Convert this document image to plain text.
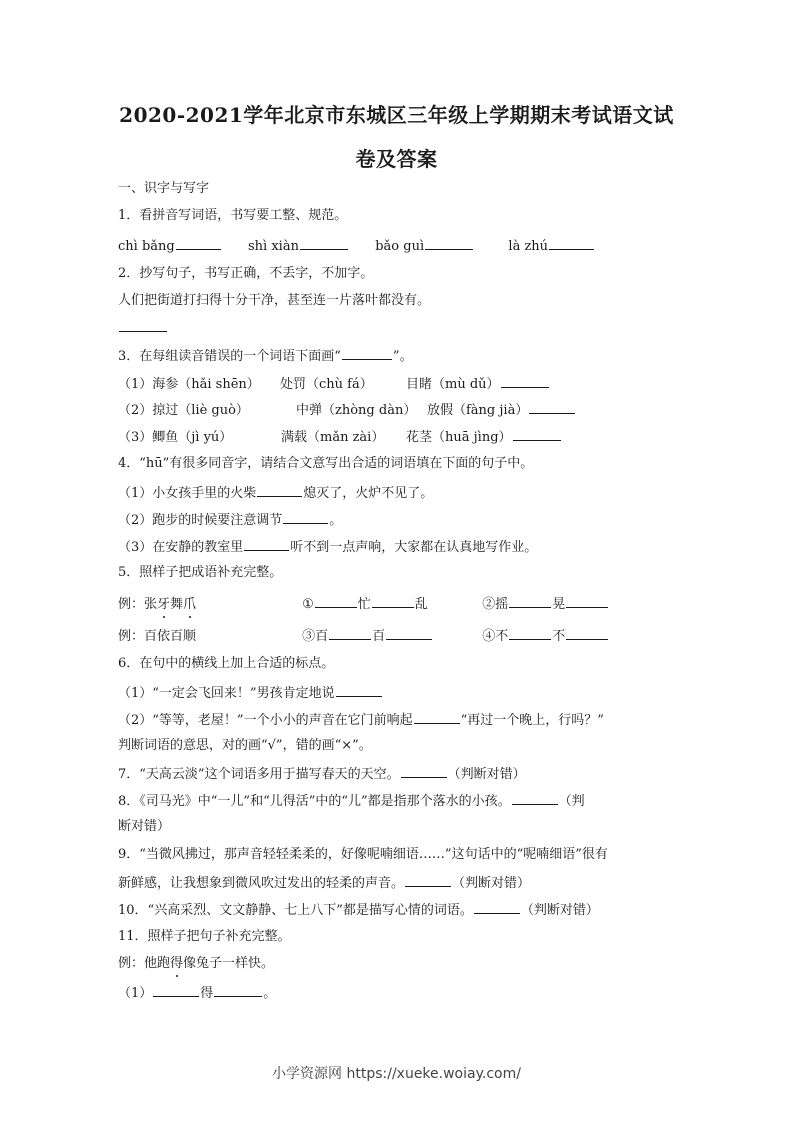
2020-2021学年北京市东城区三年级上学期期末考试语文试
卷及答案
一、识字与写字
1．看拼音写词语，书写要工整、规范。
chì bǎng	shì xiàn	bǎo guì	là zhú
2．抄写句子，书写正确，不丢字，不加字。
人们把街道打扫得十分干净，甚至连一片落叶都没有。
3．在每组读音错误的一个词语下面画“	”。
（1）海参（hǎi shēn） 处罚（chù fá）	目睹（mù dǔ）
（2）掠过（liè guò）	中弹（zhòng dàn） 放假（fàng jià）
（3）鲫鱼（jì yú）	满载（mǎn zài） 花茎（huā jìng）
4．“hū”有很多同音字，请结合文意写出合适的词语填在下面的句子中。
（1）小女孩手里的火柴	熄灭了，火炉不见了。
（2）跑步的时候要注意调节	。
（3）在安静的教室里	听不到一点声响，大家都在认真地写作业。
5．照样子把成语补充完整。
例：张牙舞爪	①	忙	乱	②摇	晃
例：百依百顺	③百	百	④不	不
6．在句中的横线上加上合适的标点。
（1）“一定会飞回来！”男孩肯定地说
（2）“等等，老屋！”一个小小的声音在它门前响起	“再过一个晚上，行吗？”
判断词语的意思，对的画“√”，错的画“×”。
7．“天高云淡”这个词语多用于描写春天的天空。	（判断对错）
8．《司马光》中“一儿”和“儿得活”中的“儿”都是指那个落水的小孩。	（判
断对错）
9．“当微风拂过，那声音轻轻柔柔的，好像呢喃细语……”这句话中的“呢喃细语”很有
新鲜感，让我想象到微风吹过发出的轻柔的声音。	（判断对错）
10．“兴高采烈、文文静静、七上八下”都是描写心情的词语。	（判断对错）
11．照样子把句子补充完整。
例：他跑得像兔子一样快。
（1）	得	。
小学资源网 https://xueke.woiay.com/
